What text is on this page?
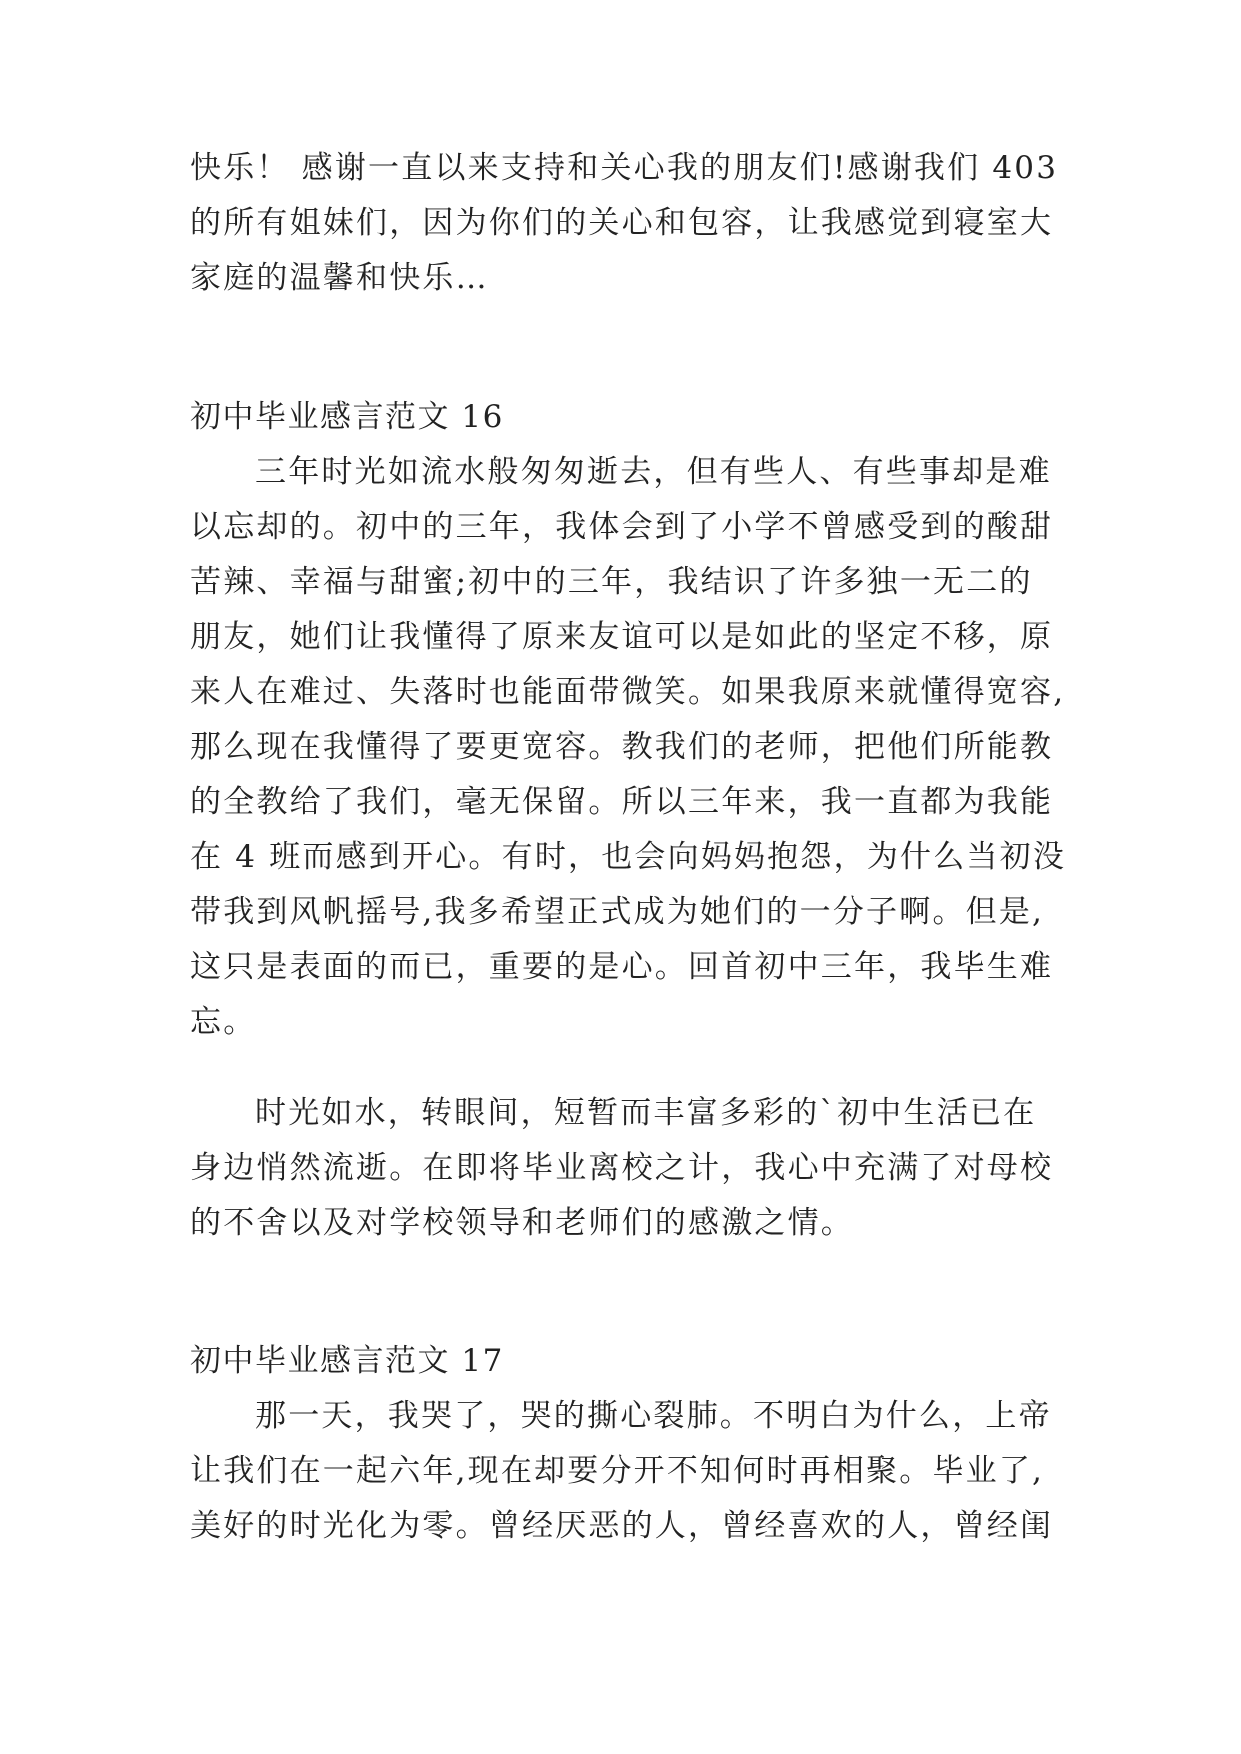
快乐！ 感谢一直以来支持和关心我的朋友们!感谢我们 403
的所有姐妹们，因为你们的关心和包容，让我感觉到寝室大
家庭的温馨和快乐…
初中毕业感言范文 16
三年时光如流水般匆匆逝去，但有些人、有些事却是难
以忘却的。初中的三年，我体会到了小学不曾感受到的酸甜
苦辣、幸福与甜蜜;初中的三年，我结识了许多独一无二的
朋友，她们让我懂得了原来友谊可以是如此的坚定不移，原
来人在难过、失落时也能面带微笑。如果我原来就懂得宽容,
那么现在我懂得了要更宽容。教我们的老师，把他们所能教
的全教给了我们，毫无保留。所以三年来，我一直都为我能
在 4 班而感到开心。有时，也会向妈妈抱怨，为什么当初没
带我到风帆摇号,我多希望正式成为她们的一分子啊。但是,
这只是表面的而已，重要的是心。回首初中三年，我毕生难
忘。
时光如水，转眼间，短暂而丰富多彩的`初中生活已在
身边悄然流逝。在即将毕业离校之计，我心中充满了对母校
的不舍以及对学校领导和老师们的感激之情。
初中毕业感言范文 17
那一天，我哭了，哭的撕心裂肺。不明白为什么，上帝
让我们在一起六年,现在却要分开不知何时再相聚。毕业了,
美好的时光化为零。曾经厌恶的人，曾经喜欢的人，曾经闺
